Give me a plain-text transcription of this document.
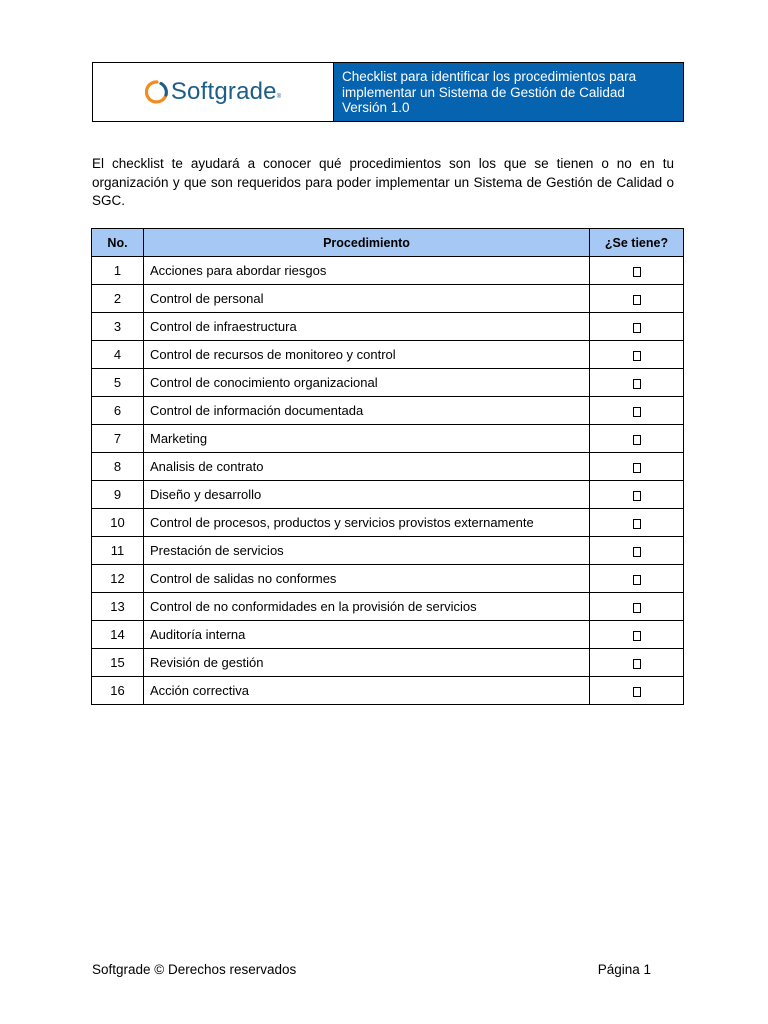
Softgrade ®
Checklist para identificar los procedimientos para
implementar un Sistema de Gestión de Calidad
Versión 1.0

El checklist te ayudará a conocer qué procedimientos son los que se tienen o no en tu organización y que son requeridos para poder implementar un Sistema de Gestión de Calidad o SGC.

No.	Procedimiento	¿Se tiene?
1	Acciones para abordar riesgos	
2	Control de personal	
3	Control de infraestructura	
4	Control de recursos de monitoreo y control	
5	Control de conocimiento organizacional	
6	Control de información documentada	
7	Marketing	
8	Analisis de contrato	
9	Diseño y desarrollo	
10	Control de procesos, productos y servicios provistos externamente	
11	Prestación de servicios	
12	Control de salidas no conformes	
13	Control de no conformidades en la provisión de servicios	
14	Auditoría interna	
15	Revisión de gestión	
16	Acción correctiva	
Softgrade © Derechos reservados	Página 1
